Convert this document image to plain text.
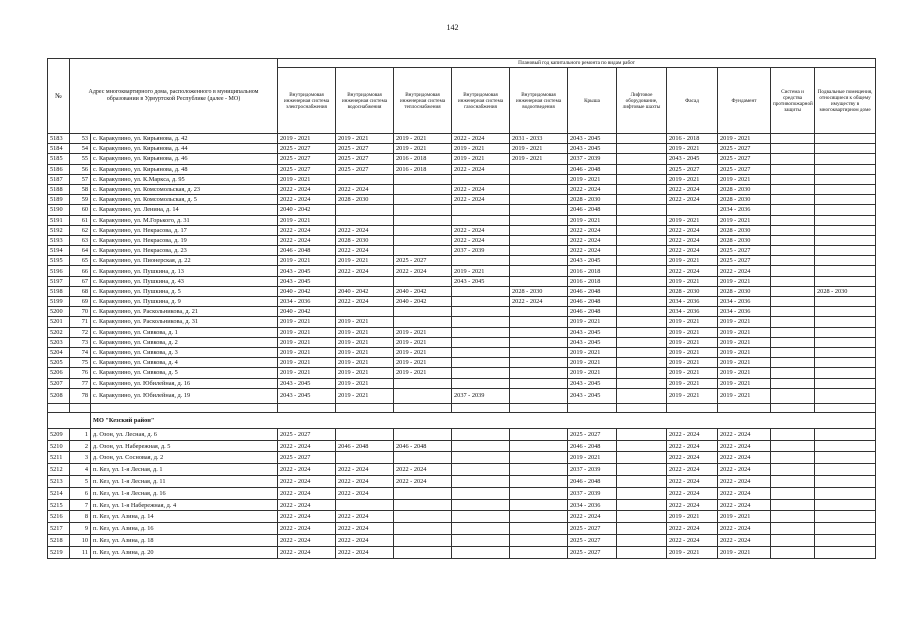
142
№	Адрес многоквартирного дома, расположенного в муниципальном образовании в Удмуртской Республике (далее - МО)		Плановый год капитального ремонта по видам работ										
			Внутридомовая инженерная система электроснабжения	Внутридомовая инженерная система водоснабжения	Внутридомовая инженерная система теплоснабжения	Внутридомовая инженерная система газоснабжения	Внутридомовая инженерная система водоотведения	Крыша	Лифтовое оборудование, лифтовые шахты	Фасад	Фундамент	Система и средства противопожарной защиты	Подвальные помещения, относящиеся к общему имуществу в многоквартирном доме
5183	53	с. Каракулино, ул. Кирьянова, д. 42	2019 - 2021	2019 - 2021	2019 - 2021	2022 - 2024	2031 - 2033	2043 - 2045		2016 - 2018	2019 - 2021		
5184	54	с. Каракулино, ул. Кирьянова, д. 44	2025 - 2027	2025 - 2027	2019 - 2021	2019 - 2021	2019 - 2021	2043 - 2045		2019 - 2021	2025 - 2027		
5185	55	с. Каракулино, ул. Кирьянова, д. 46	2025 - 2027	2025 - 2027	2016 - 2018	2019 - 2021	2019 - 2021	2037 - 2039		2043 - 2045	2025 - 2027		
5186	56	с. Каракулино, ул. Кирьянова, д. 48	2025 - 2027	2025 - 2027	2016 - 2018	2022 - 2024		2046 - 2048		2025 - 2027	2025 - 2027		
5187	57	с. Каракулино, ул. К.Маркса, д. 95	2019 - 2021					2019 - 2021		2019 - 2021	2019 - 2021		
5188	58	с. Каракулино, ул. Комсомольская, д. 23	2022 - 2024	2022 - 2024		2022 - 2024		2022 - 2024		2022 - 2024	2028 - 2030		
5189	59	с. Каракулино, ул. Комсомольская, д. 5	2022 - 2024	2028 - 2030		2022 - 2024		2028 - 2030		2022 - 2024	2028 - 2030		
5190	60	с. Каракулино, ул. Ленина, д. 14	2040 - 2042					2046 - 2048			2034 - 2036		
5191	61	с. Каракулино, ул. М.Горького, д. 31	2019 - 2021					2019 - 2021		2019 - 2021	2019 - 2021		
5192	62	с. Каракулино, ул. Некрасова, д. 17	2022 - 2024	2022 - 2024		2022 - 2024		2022 - 2024		2022 - 2024	2028 - 2030		
5193	63	с. Каракулино, ул. Некрасова, д. 19	2022 - 2024	2028 - 2030		2022 - 2024		2022 - 2024		2022 - 2024	2028 - 2030		
5194	64	с. Каракулино, ул. Некрасова, д. 23	2046 - 2048	2022 - 2024		2037 - 2039		2022 - 2024		2022 - 2024	2025 - 2027		
5195	65	с. Каракулино, ул. Пионерская, д. 22	2019 - 2021	2019 - 2021	2025 - 2027			2043 - 2045		2019 - 2021	2025 - 2027		
5196	66	с. Каракулино, ул. Пушкина, д. 13	2043 - 2045	2022 - 2024	2022 - 2024	2019 - 2021		2016 - 2018		2022 - 2024	2022 - 2024		
5197	67	с. Каракулино, ул. Пушкина, д. 43	2043 - 2045			2043 - 2045		2016 - 2018		2019 - 2021	2019 - 2021		
5198	68	с. Каракулино, ул. Пушкина, д. 5	2040 - 2042	2040 - 2042	2040 - 2042		2028 - 2030	2046 - 2048		2028 - 2030	2028 - 2030		2028 - 2030
5199	69	с. Каракулино, ул. Пушкина, д. 9	2034 - 2036	2022 - 2024	2040 - 2042		2022 - 2024	2046 - 2048		2034 - 2036	2034 - 2036		
5200	70	с. Каракулино, ул. Раскольникова, д. 21	2040 - 2042					2046 - 2048		2034 - 2036	2034 - 2036		
5201	71	с. Каракулино, ул. Раскольникова, д. 31	2019 - 2021	2019 - 2021				2019 - 2021		2019 - 2021	2019 - 2021		
5202	72	с. Каракулино, ул. Сивкова, д. 1	2019 - 2021	2019 - 2021	2019 - 2021			2043 - 2045		2019 - 2021	2019 - 2021		
5203	73	с. Каракулино, ул. Сивкова, д. 2	2019 - 2021	2019 - 2021	2019 - 2021			2043 - 2045		2019 - 2021	2019 - 2021		
5204	74	с. Каракулино, ул. Сивкова, д. 3	2019 - 2021	2019 - 2021	2019 - 2021			2019 - 2021		2019 - 2021	2019 - 2021		
5205	75	с. Каракулино, ул. Сивкова, д. 4	2019 - 2021	2019 - 2021	2019 - 2021			2019 - 2021		2019 - 2021	2019 - 2021		
5206	76	с. Каракулино, ул. Сивкова, д. 5	2019 - 2021	2019 - 2021	2019 - 2021			2019 - 2021		2019 - 2021	2019 - 2021		
5207	77	с. Каракулино, ул. Юбилейная, д. 16	2043 - 2045	2019 - 2021				2043 - 2045		2019 - 2021	2019 - 2021		
5208	78	с. Каракулино, ул. Юбилейная, д. 19	2043 - 2045	2019 - 2021		2037 - 2039		2043 - 2045		2019 - 2021	2019 - 2021		

		МО "Кезский район"											
5209	1	д. Озон, ул. Лесная, д. 6	2025 - 2027					2025 - 2027		2022 - 2024	2022 - 2024		
5210	2	д. Озон, ул. Набережная, д. 5	2022 - 2024	2046 - 2048	2046 - 2048			2046 - 2048		2022 - 2024	2022 - 2024		
5211	3	д. Озон, ул. Сосновая, д. 2	2025 - 2027					2019 - 2021		2022 - 2024	2022 - 2024		
5212	4	п. Кез, ул. 1-я Лесная, д. 1	2022 - 2024	2022 - 2024	2022 - 2024			2037 - 2039		2022 - 2024	2022 - 2024		
5213	5	п. Кез, ул. 1-я Лесная, д. 11	2022 - 2024	2022 - 2024	2022 - 2024			2046 - 2048		2022 - 2024	2022 - 2024		
5214	6	п. Кез, ул. 1-я Лесная, д. 16	2022 - 2024	2022 - 2024				2037 - 2039		2022 - 2024	2022 - 2024		
5215	7	п. Кез, ул. 1-я Набережная, д. 4	2022 - 2024					2034 - 2036		2022 - 2024	2022 - 2024		
5216	8	п. Кез, ул. Азина, д. 14	2022 - 2024	2022 - 2024				2022 - 2024		2019 - 2021	2019 - 2021		
5217	9	п. Кез, ул. Азина, д. 16	2022 - 2024	2022 - 2024				2025 - 2027		2022 - 2024	2022 - 2024		
5218	10	п. Кез, ул. Азина, д. 18	2022 - 2024	2022 - 2024				2025 - 2027		2022 - 2024	2022 - 2024		
5219	11	п. Кез, ул. Азина, д. 20	2022 - 2024	2022 - 2024				2025 - 2027		2019 - 2021	2019 - 2021		
